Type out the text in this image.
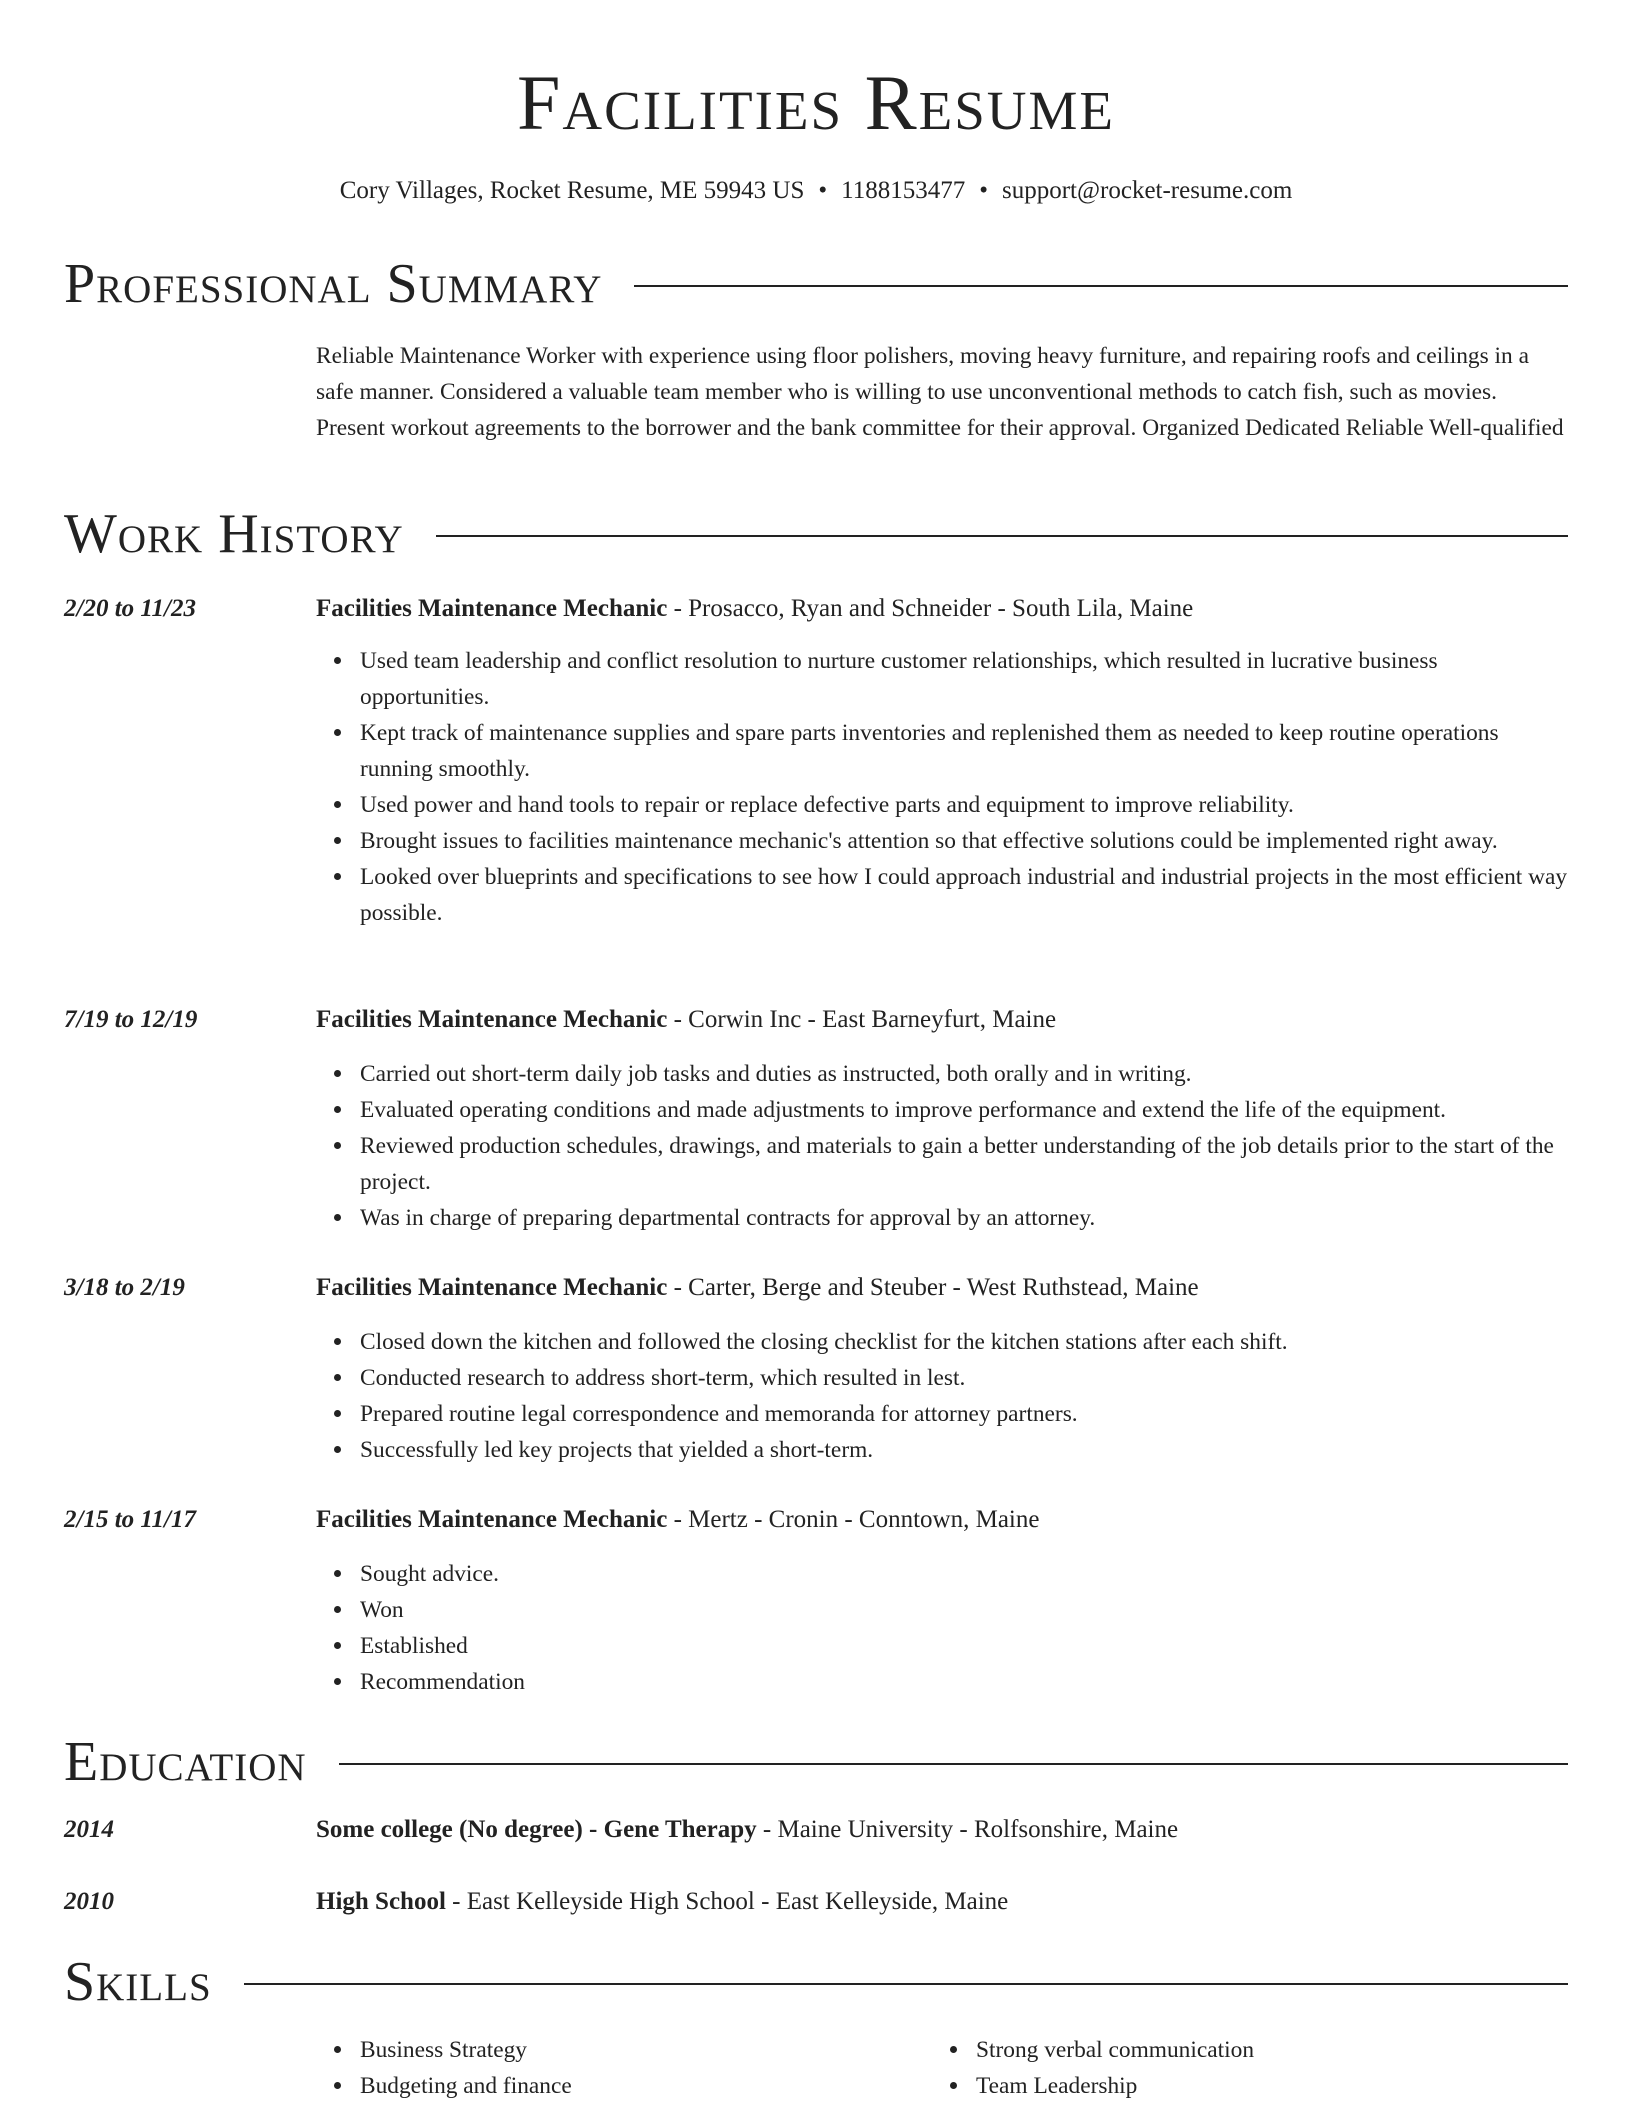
Facilities Resume
Cory Villages, Rocket Resume, ME 59943 US • 1188153477 • support@rocket-resume.com
Professional Summary
Reliable Maintenance Worker with experience using floor polishers, moving heavy furniture, and repairing roofs and ceilings in a safe manner. Considered a valuable team member who is willing to use unconventional methods to catch fish, such as movies. Present workout agreements to the borrower and the bank committee for their approval. Organized Dedicated Reliable Well-qualified
Work History
2/20 to 11/23	Facilities Maintenance Mechanic - Prosacco, Ryan and Schneider - South Lila, Maine
Used team leadership and conflict resolution to nurture customer relationships, which resulted in lucrative business opportunities.
Kept track of maintenance supplies and spare parts inventories and replenished them as needed to keep routine operations running smoothly.
Used power and hand tools to repair or replace defective parts and equipment to improve reliability.
Brought issues to facilities maintenance mechanic's attention so that effective solutions could be implemented right away.
Looked over blueprints and specifications to see how I could approach industrial and industrial projects in the most efficient way possible.
7/19 to 12/19	Facilities Maintenance Mechanic - Corwin Inc - East Barneyfurt, Maine
Carried out short-term daily job tasks and duties as instructed, both orally and in writing.
Evaluated operating conditions and made adjustments to improve performance and extend the life of the equipment.
Reviewed production schedules, drawings, and materials to gain a better understanding of the job details prior to the start of the project.
Was in charge of preparing departmental contracts for approval by an attorney.
3/18 to 2/19	Facilities Maintenance Mechanic - Carter, Berge and Steuber - West Ruthstead, Maine
Closed down the kitchen and followed the closing checklist for the kitchen stations after each shift.
Conducted research to address short-term, which resulted in lest.
Prepared routine legal correspondence and memoranda for attorney partners.
Successfully led key projects that yielded a short-term.
2/15 to 11/17	Facilities Maintenance Mechanic - Mertz - Cronin - Conntown, Maine
Sought advice.
Won
Established
Recommendation
Education
2014	Some college (No degree) - Gene Therapy - Maine University - Rolfsonshire, Maine
2010	High School - East Kelleyside High School - East Kelleyside, Maine
Skills
Business Strategy
Budgeting and finance
Strong verbal communication
Team Leadership
